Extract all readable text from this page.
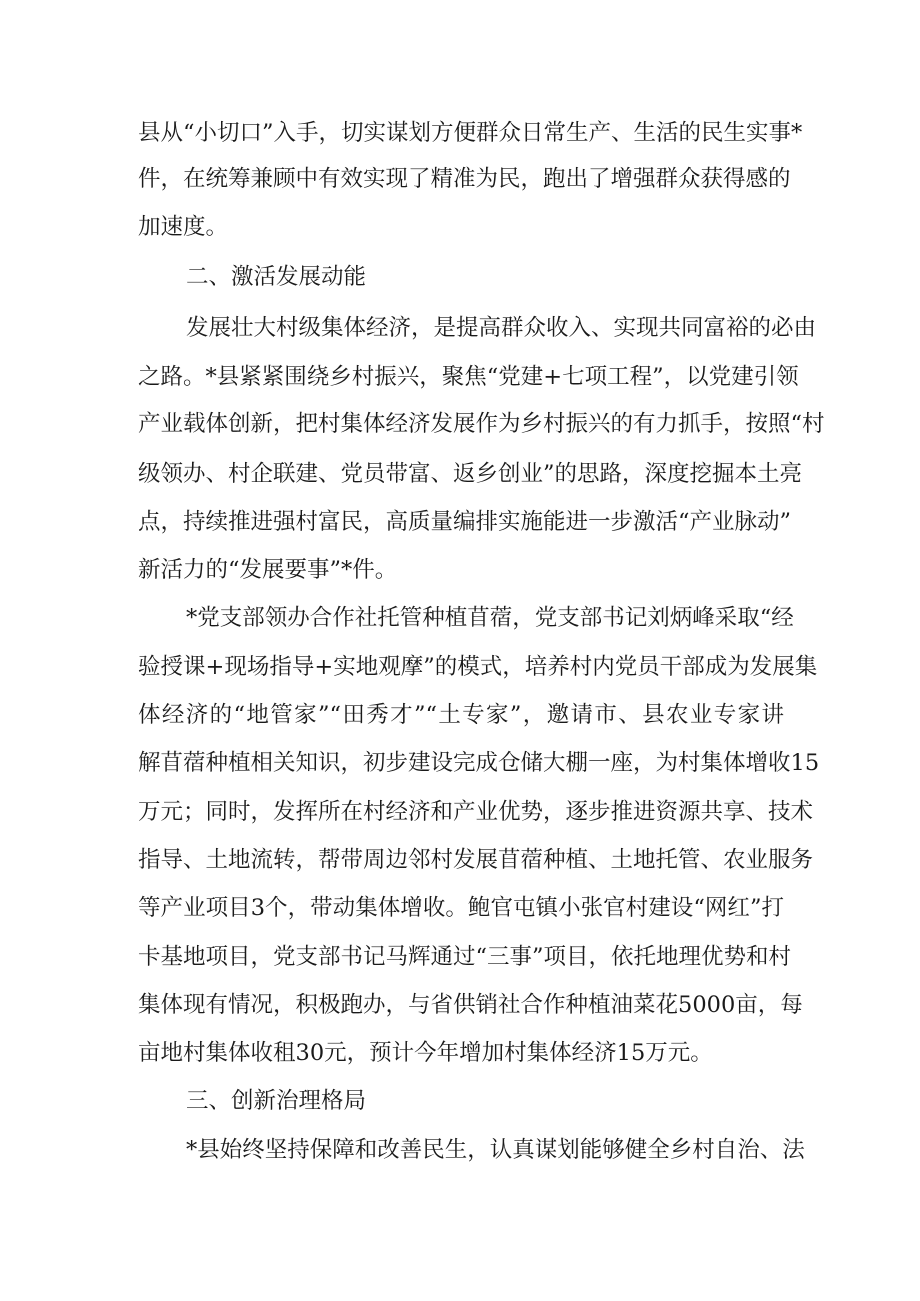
县从“小切口”入手，切实谋划方便群众日常生产、生活的民生实事*
件，在统筹兼顾中有效实现了精准为民，跑出了增强群众获得感的
加速度。
二、激活发展动能
发展壮大村级集体经济，是提高群众收入、实现共同富裕的必由
之路。*县紧紧围绕乡村振兴，聚焦“党建+七项工程”，以党建引领
产业载体创新，把村集体经济发展作为乡村振兴的有力抓手，按照“村
级领办、村企联建、党员带富、返乡创业”的思路，深度挖掘本土亮
点，持续推进强村富民，高质量编排实施能进一步激活“产业脉动”
新活力的“发展要事”*件。
*党支部领办合作社托管种植苜蓿，党支部书记刘炳峰采取“经
验授课+现场指导+实地观摩”的模式，培养村内党员干部成为发展集
体经济的“地管家”“田秀才”“土专家”，邀请市、县农业专家讲
解苜蓿种植相关知识，初步建设完成仓储大棚一座，为村集体增收15
万元；同时，发挥所在村经济和产业优势，逐步推进资源共享、技术
指导、土地流转，帮带周边邻村发展苜蓿种植、土地托管、农业服务
等产业项目3个，带动集体增收。鲍官屯镇小张官村建设“网红”打
卡基地项目，党支部书记马辉通过“三事”项目，依托地理优势和村
集体现有情况，积极跑办，与省供销社合作种植油菜花5000亩，每
亩地村集体收租30元，预计今年增加村集体经济15万元。
三、创新治理格局
*县始终坚持保障和改善民生，认真谋划能够健全乡村自治、法
